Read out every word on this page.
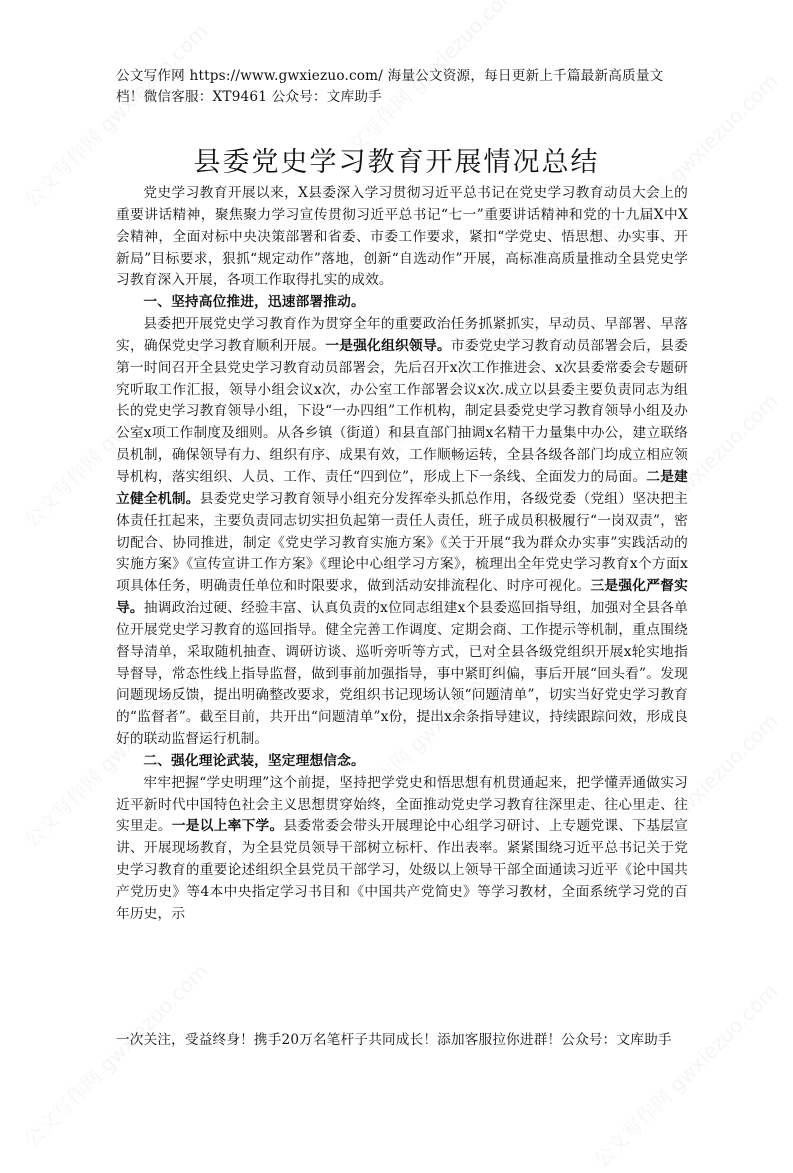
公文写作网 https://www.gwxiezuo.com/ 海量公文资源，每日更新上千篇最新高质量文档！微信客服：XT9461 公众号：文库助手
县委党史学习教育开展情况总结

党史学习教育开展以来，X县委深入学习贯彻习近平总书记在党史学习教育动员大会上的重要讲话精神，聚焦聚力学习宣传贯彻习近平总书记“七一”重要讲话精神和党的十九届X中X会精神，全面对标中央决策部署和省委、市委工作要求，紧扣“学党史、悟思想、办实事、开新局”目标要求，狠抓“规定动作”落地，创新“自选动作”开展，高标准高质量推动全县党史学习教育深入开展，各项工作取得扎实的成效。

一、坚持高位推进，迅速部署推动。

县委把开展党史学习教育作为贯穿全年的重要政治任务抓紧抓实，早动员、早部署、早落实，确保党史学习教育顺利开展。一是强化组织领导。市委党史学习教育动员部署会后，县委第一时间召开全县党史学习教育动员部署会，先后召开x次工作推进会、x次县委常委会专题研究听取工作汇报，领导小组会议x次，办公室工作部署会议x次.成立以县委主要负责同志为组长的党史学习教育领导小组，下设“一办四组”工作机构，制定县委党史学习教育领导小组及办公室x项工作制度及细则。从各乡镇（街道）和县直部门抽调x名精干力量集中办公，建立联络员机制，确保领导有力、组织有序、成果有效，工作顺畅运转，全县各级各部门均成立相应领导机构，落实组织、人员、工作、责任“四到位”，形成上下一条线、全面发力的局面。二是建立健全机制。县委党史学习教育领导小组充分发挥牵头抓总作用，各级党委（党组）坚决把主体责任扛起来，主要负责同志切实担负起第一责任人责任，班子成员积极履行“一岗双责”，密切配合、协同推进，制定《党史学习教育实施方案》《关于开展“我为群众办实事”实践活动的实施方案》《宣传宣讲工作方案》《理论中心组学习方案》，梳理出全年党史学习教育x个方面x项具体任务，明确责任单位和时限要求，做到活动安排流程化、时序可视化。三是强化严督实导。抽调政治过硬、经验丰富、认真负责的x位同志组建x个县委巡回指导组，加强对全县各单位开展党史学习教育的巡回指导。健全完善工作调度、定期会商、工作提示等机制，重点围绕督导清单，采取随机抽查、调研访谈、巡听旁听等方式，已对全县各级党组织开展x轮实地指导督导，常态性线上指导监督，做到事前加强指导，事中紧盯纠偏，事后开展“回头看”。发现问题现场反馈，提出明确整改要求，党组织书记现场认领“问题清单”，切实当好党史学习教育的“监督者”。截至目前，共开出“问题清单”x份，提出x余条指导建议，持续跟踪问效，形成良好的联动监督运行机制。

二、强化理论武装，坚定理想信念。

牢牢把握“学史明理”这个前提，坚持把学党史和悟思想有机贯通起来，把学懂弄通做实习近平新时代中国特色社会主义思想贯穿始终，全面推动党史学习教育往深里走、往心里走、往实里走。一是以上率下学。县委常委会带头开展理论中心组学习研讨、上专题党课、下基层宣讲、开展现场教育，为全县党员领导干部树立标杆、作出表率。紧紧围绕习近平总书记关于党史学习教育的重要论述组织全县党员干部学习，处级以上领导干部全面通读习近平《论中国共产党历史》等4本中央指定学习书目和《中国共产党简史》等学习教材，全面系统学习党的百年历史，示

一次关注，受益终身！携手20万名笔杆子共同成长！添加客服拉你进群！公众号：文库助手
